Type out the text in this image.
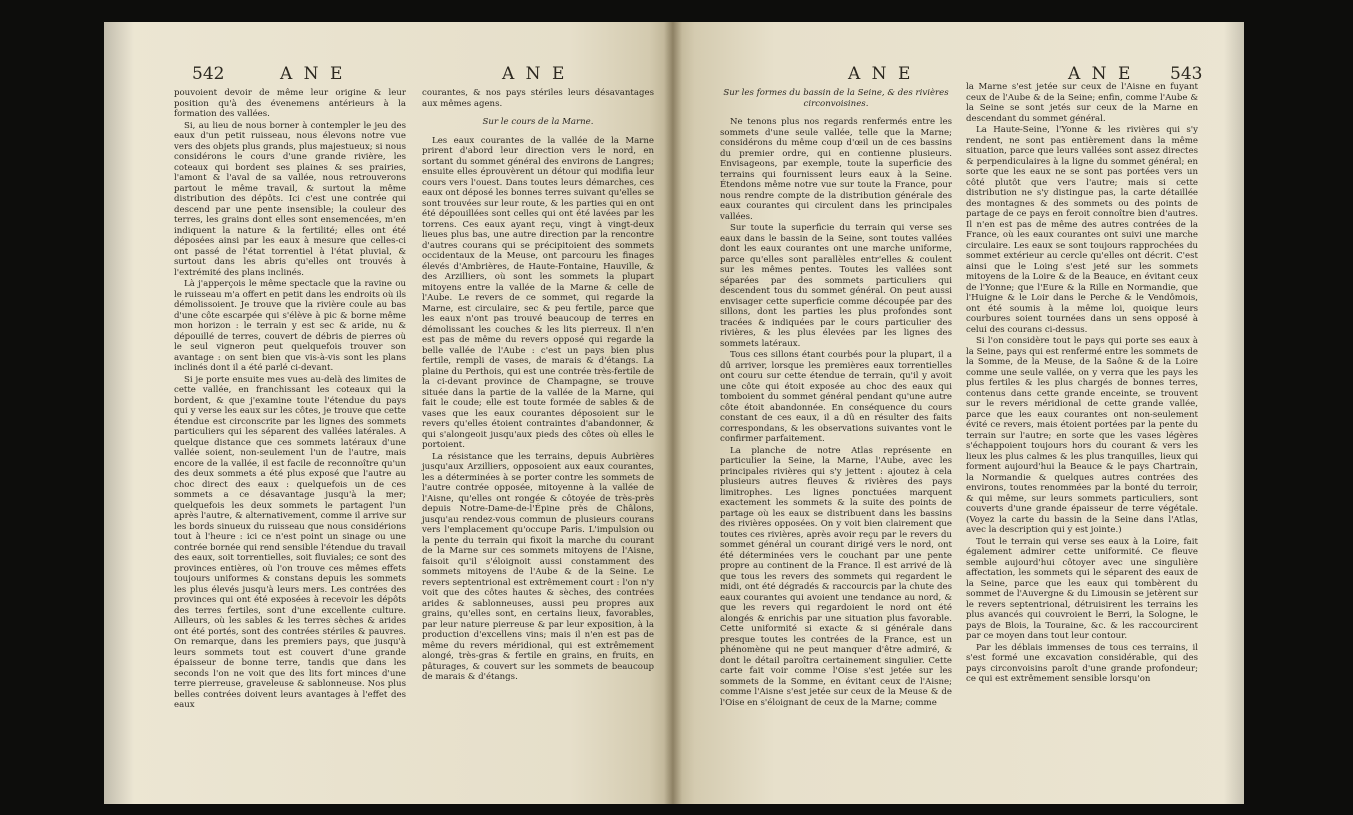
542	A N E	A N E

pouvoient devoir de même leur origine & leur position qu'à des évenemens antérieurs à la formation des vallées.

Si, au lieu de nous borner à contempler le jeu des eaux d'un petit ruisseau, nous élevons notre vue vers des objets plus grands, plus majestueux; si nous considérons le cours d'une grande rivière, les coteaux qui bordent ses plaines & ses prairies, l'amont & l'aval de sa vallée, nous retrouverons partout le même travail, & surtout la même distribution des dépôts. Ici c'est une contrée qui descend par une pente insensible; la couleur des terres, les grains dont elles sont ensemencées, m'en indiquent la nature & la fertilité; elles ont été déposées ainsi par les eaux à mesure que celles-ci ont passé de l'état torrentiel à l'état pluvial, & surtout dans les abris qu'elles ont trouvés à l'extrémité des plans inclinés.

Là j'apperçois le même spectacle que la ravine ou le ruisseau m'a offert en petit dans les endroits où ils démolissoient. Je trouve que la rivière coule au bas d'une côte escarpée qui s'élève à pic & borne même mon horizon : le terrain y est sec & aride, nu & dépouillé de terres, couvert de débris de pierres où le seul vigneron peut quelquefois trouver son avantage : on sent bien que vis-à-vis sont les plans inclinés dont il a été parlé ci-devant.

Si je porte ensuite mes vues au-delà des limites de cette vallée, en franchissant les coteaux qui la bordent, & que j'examine toute l'étendue du pays qui y verse les eaux sur les côtes, je trouve que cette étendue est circonscrite par les lignes des sommets particuliers qui les séparent des vallées latérales. A quelque distance que ces sommets latéraux d'une vallée soient, non-seulement l'un de l'autre, mais encore de la vallée, il est facile de reconnoître qu'un des deux sommets a été plus exposé que l'autre au choc direct des eaux : quelquefois un de ces sommets a ce désavantage jusqu'à la mer; quelquefois les deux sommets le partagent l'un après l'autre, & alternativement, comme il arrive sur les bords sinueux du ruisseau que nous considérions tout à l'heure : ici ce n'est point un sinage ou une contrée bornée qui rend sensible l'étendue du travail des eaux, soit torrentielles, soit fluviales; ce sont des provinces entières, où l'on trouve ces mêmes effets toujours uniformes & constans depuis les sommets les plus élevés jusqu'à leurs mers. Les contrées des provinces qui ont été exposées à recevoir les dépôts des terres fertiles, sont d'une excellente culture. Ailleurs, où les sables & les terres sèches & arides ont été portés, sont des contrées stériles & pauvres. On remarque, dans les premiers pays, que jusqu'à leurs sommets tout est couvert d'une grande épaisseur de bonne terre, tandis que dans les seconds l'on ne voit que des lits fort minces d'une terre pierreuse, graveleuse & sablonneuse. Nos plus belles contrées doivent leurs avantages à l'effet des eaux

courantes, & nos pays stériles leurs désavantages aux mêmes agens.

Sur le cours de la Marne.

Les eaux courantes de la vallée de la Marne prirent d'abord leur direction vers le nord, en sortant du sommet général des environs de Langres; ensuite elles éprouvèrent un détour qui modifia leur cours vers l'ouest. Dans toutes leurs démarches, ces eaux ont déposé les bonnes terres suivant qu'elles se sont trouvées sur leur route, & les parties qui en ont été dépouillées sont celles qui ont été lavées par les torrens. Ces eaux ayant reçu, vingt à vingt-deux lieues plus bas, une autre direction par la rencontre d'autres courans qui se précipitoient des sommets occidentaux de la Meuse, ont parcouru les finages élevés d'Ambrières, de Haute-Fontaine, Hauville, & des Arzilliers, où sont les sommets la plupart mitoyens entre la vallée de la Marne & celle de l'Aube. Le revers de ce sommet, qui regarde la Marne, est circulaire, sec & peu fertile, parce que les eaux n'ont pas trouvé beaucoup de terres en démolissant les couches & les lits pierreux. Il n'en est pas de même du revers opposé qui regarde la belle vallée de l'Aube : c'est un pays bien plus fertile, rempli de vases, de marais & d'étangs. La plaine du Perthois, qui est une contrée très-fertile de la ci-devant province de Champagne, se trouve située dans la partie de la vallée de la Marne, qui fait le coude; elle est toute formée de sables & de vases que les eaux courantes déposoient sur le revers qu'elles étoient contraintes d'abandonner, & qui s'alongeoit jusqu'aux pieds des côtes où elles le portoient.

La résistance que les terrains, depuis Aubrières jusqu'aux Arzilliers, opposoient aux eaux courantes, les a déterminées à se porter contre les sommets de l'autre contrée opposée, mitoyenne à la vallée de l'Aisne, qu'elles ont rongée & côtoyée de très-près depuis Notre-Dame-de-l'Épine près de Châlons, jusqu'au rendez-vous commun de plusieurs courans vers l'emplacement qu'occupe Paris. L'impulsion ou la pente du terrain qui fixoit la marche du courant de la Marne sur ces sommets mitoyens de l'Aisne, faisoit qu'il s'éloignoit aussi constamment des sommets mitoyens de l'Aube & de la Seine. Le revers septentrional est extrêmement court : l'on n'y voit que des côtes hautes & sèches, des contrées arides & sablonneuses, aussi peu propres aux grains, qu'elles sont, en certains lieux, favorables, par leur nature pierreuse & par leur exposition, à la production d'excellens vins; mais il n'en est pas de même du revers méridional, qui est extrêmement alongé, très-gras & fertile en grains, en fruits, en pâturages, & couvert sur les sommets de beaucoup de marais & d'étangs.

A N E	A N E 543

Sur les formes du bassin de la Seine, & des rivières circonvoisines.

Ne tenons plus nos regards renfermés entre les sommets d'une seule vallée, telle que la Marne; considérons du même coup d'œil un de ces bassins du premier ordre, qui en contienne plusieurs. Envisageons, par exemple, toute la superficie des terrains qui fournissent leurs eaux à la Seine. Étendons même notre vue sur toute la France, pour nous rendre compte de la distribution générale des eaux courantes qui circulent dans les principales vallées.

Sur toute la superficie du terrain qui verse ses eaux dans le bassin de la Seine, sont toutes vallées dont les eaux courantes ont une marche uniforme, parce qu'elles sont parallèles entr'elles & coulent sur les mêmes pentes. Toutes les vallées sont séparées par des sommets particuliers qui descendent tous du sommet général. On peut aussi envisager cette superficie comme découpée par des sillons, dont les parties les plus profondes sont tracées & indiquées par le cours particulier des rivières, & les plus élevées par les lignes des sommets latéraux.

Tous ces sillons étant courbés pour la plupart, il a dû arriver, lorsque les premières eaux torrentielles ont couru sur cette étendue de terrain, qu'il y avoit une côte qui étoit exposée au choc des eaux qui tomboient du sommet général pendant qu'une autre côte étoit abandonnée. En conséquence du cours constant de ces eaux, il a dû en résulter des faits correspondans, & les observations suivantes vont le confirmer parfaitement.

La planche de notre Atlas représente en particulier la Seine, la Marne, l'Aube, avec les principales rivières qui s'y jettent : ajoutez à cela plusieurs autres fleuves & rivières des pays limitrophes. Les lignes ponctuées marquent exactement les sommets & la suite des points de partage où les eaux se distribuent dans les bassins des rivières opposées. On y voit bien clairement que toutes ces rivières, après avoir reçu par le revers du sommet général un courant dirigé vers le nord, ont été déterminées vers le couchant par une pente propre au continent de la France. Il est arrivé de là que tous les revers des sommets qui regardent le midi, ont été dégradés & raccourcis par la chute des eaux courantes qui avoient une tendance au nord, & que les revers qui regardoient le nord ont été alongés & enrichis par une situation plus favorable. Cette uniformité si exacte & si générale dans presque toutes les contrées de la France, est un phénomène qui ne peut manquer d'être admiré, & dont le détail paroîtra certainement singulier. Cette carte fait voir comme l'Oise s'est jetée sur les sommets de la Somme, en évitant ceux de l'Aisne; comme l'Aisne s'est jetée sur ceux de la Meuse & de l'Oise en s'éloignant de ceux de la Marne; comme

la Marne s'est jetée sur ceux de l'Aisne en fuyant ceux de l'Aube & de la Seine; enfin, comme l'Aube & la Seine se sont jetés sur ceux de la Marne en descendant du sommet général.

La Haute-Seine, l'Yonne & les rivières qui s'y rendent, ne sont pas entièrement dans la même situation, parce que leurs vallées sont assez directes & perpendiculaires à la ligne du sommet général; en sorte que les eaux ne se sont pas portées vers un côté plutôt que vers l'autre; mais si cette distribution ne s'y distingue pas, la carte détaillée des montagnes & des sommets ou des points de partage de ce pays en feroit connoître bien d'autres. Il n'en est pas de même des autres contrées de la France, où les eaux courantes ont suivi une marche circulaire. Les eaux se sont toujours rapprochées du sommet extérieur au cercle qu'elles ont décrit. C'est ainsi que le Loing s'est jeté sur les sommets mitoyens de la Loire & de la Beauce, en évitant ceux de l'Yonne; que l'Eure & la Rille en Normandie, que l'Huigne & le Loir dans le Perche & le Vendômois, ont été soumis à la même loi, quoique leurs courbures soient tournées dans un sens opposé à celui des courans ci-dessus.

Si l'on considère tout le pays qui porte ses eaux à la Seine, pays qui est renfermé entre les sommets de la Somme, de la Meuse, de la Saône & de la Loire comme une seule vallée, on y verra que les pays les plus fertiles & les plus chargés de bonnes terres, contenus dans cette grande enceinte, se trouvent sur le revers méridional de cette grande vallée, parce que les eaux courantes ont non-seulement évité ce revers, mais étoient portées par la pente du terrain sur l'autre; en sorte que les vases légères s'échappoient toujours hors du courant & vers les lieux les plus calmes & les plus tranquilles, lieux qui forment aujourd'hui la Beauce & le pays Chartrain, la Normandie & quelques autres contrées des environs, toutes renommées par la bonté du terroir, & qui même, sur leurs sommets particuliers, sont couverts d'une grande épaisseur de terre végétale. (Voyez la carte du bassin de la Seine dans l'Atlas, avec la description qui y est jointe.)

Tout le terrain qui verse ses eaux à la Loire, fait également admirer cette uniformité. Ce fleuve semble aujourd'hui côtoyer avec une singulière affectation, les sommets qui le séparent des eaux de la Seine, parce que les eaux qui tombèrent du sommet de l'Auvergne & du Limousin se jetèrent sur le revers septentrional, détruisirent les terrains les plus avancés qui couvroient le Berri, la Sologne, le pays de Blois, la Touraine, &c. & les raccourcirent par ce moyen dans tout leur contour.

Par les déblais immenses de tous ces terrains, il s'est formé une excavation considérable, qui des pays circonvoisins paroît d'une grande profondeur; ce qui est extrêmement sensible lorsqu'on
